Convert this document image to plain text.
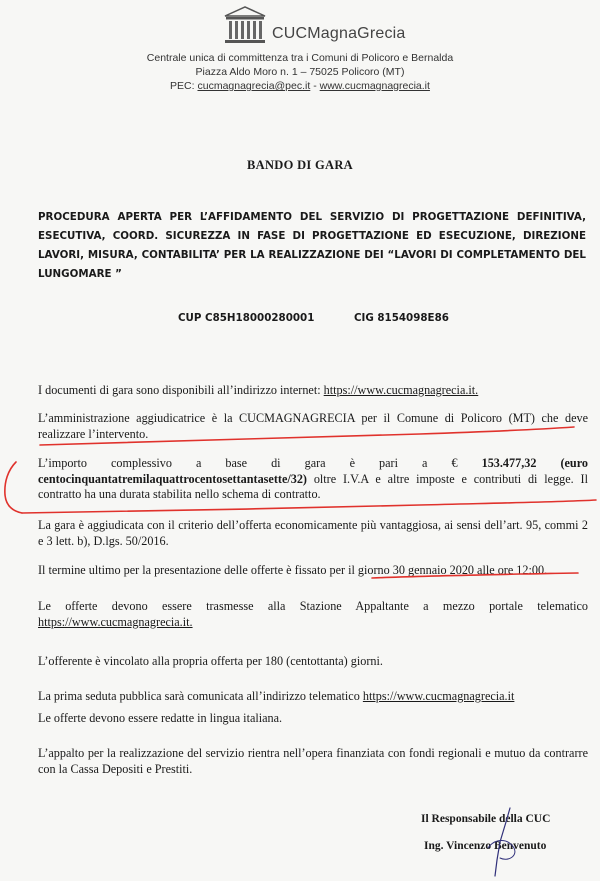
CUCMagnaGrecia
Centrale unica di committenza tra i Comuni di Policoro e Bernalda
Piazza Aldo Moro n. 1 – 75025 Policoro (MT)
PEC: cucmagnagrecia@pec.it - www.cucmagnagrecia.it
BANDO DI GARA
PROCEDURA APERTA PER L’AFFIDAMENTO DEL SERVIZIO DI PROGETTAZIONE DEFINITIVA, ESECUTIVA, COORD. SICUREZZA IN FASE DI PROGETTAZIONE ED ESECUZIONE, DIREZIONE LAVORI, MISURA, CONTABILITA’ PER LA REALIZZAZIONE DEI “LAVORI DI COMPLETAMENTO DEL LUNGOMARE ”
CUP C85H18000280001	CIG 8154098E86
I documenti di gara sono disponibili all’indirizzo internet: https://www.cucmagnagrecia.it.
L’amministrazione aggiudicatrice è la CUCMAGNAGRECIA per il Comune di Policoro (MT) che deve realizzare l’intervento.
L’importo complessivo a base di gara è pari a € 153.477,32 (euro centocinquantatremilaquattrocentosettantasette/32) oltre I.V.A e altre imposte e contributi di legge. Il contratto ha una durata stabilita nello schema di contratto.
La gara è aggiudicata con il criterio dell’offerta economicamente più vantaggiosa, ai sensi dell’art. 95, commi 2 e 3 lett. b), D.lgs. 50/2016.
Il termine ultimo per la presentazione delle offerte è fissato per il giorno 30 gennaio 2020 alle ore 12:00.
Le offerte devono essere trasmesse alla Stazione Appaltante a mezzo portale telematico https://www.cucmagnagrecia.it.
L’offerente è vincolato alla propria offerta per 180 (centottanta) giorni.
La prima seduta pubblica sarà comunicata all’indirizzo telematico https://www.cucmagnagrecia.it
Le offerte devono essere redatte in lingua italiana.
L’appalto per la realizzazione del servizio rientra nell’opera finanziata con fondi regionali e mutuo da contrarre con la Cassa Depositi e Prestiti.
Il Responsabile della CUC
Ing. Vincenzo Benvenuto
